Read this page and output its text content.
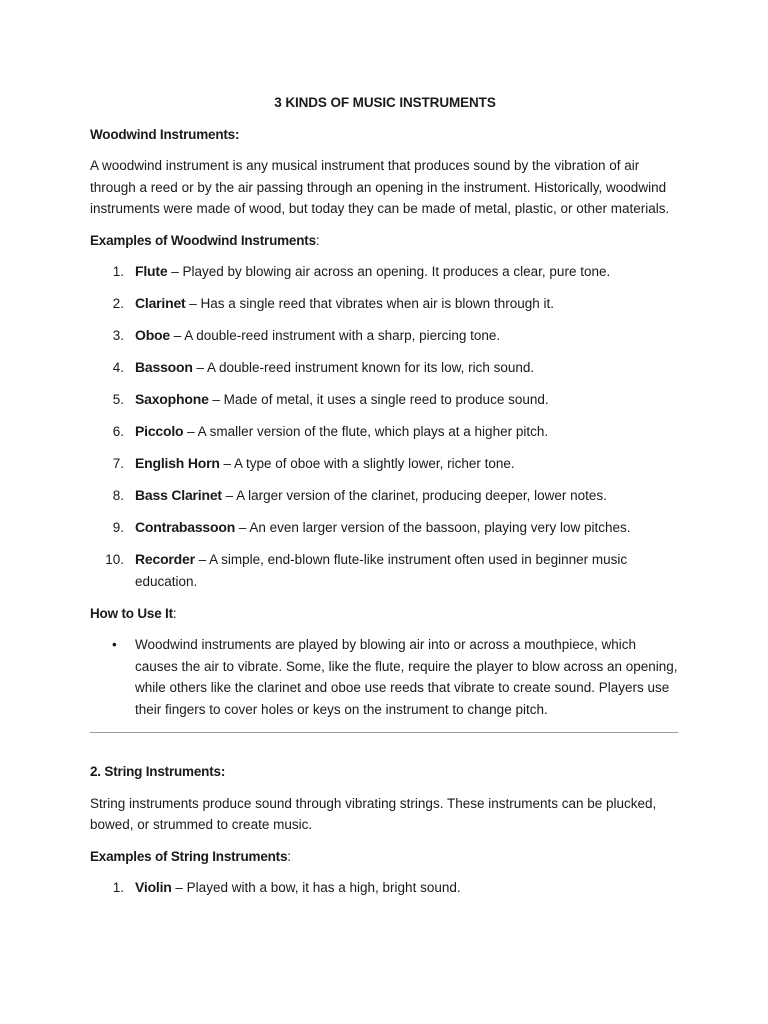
3 KINDS OF MUSIC INSTRUMENTS
Woodwind Instruments:

A woodwind instrument is any musical instrument that produces sound by the vibration of air through a reed or by the air passing through an opening in the instrument. Historically, woodwind instruments were made of wood, but today they can be made of metal, plastic, or other materials.

Examples of Woodwind Instruments:
1. Flute – Played by blowing air across an opening. It produces a clear, pure tone.
2. Clarinet – Has a single reed that vibrates when air is blown through it.
3. Oboe – A double-reed instrument with a sharp, piercing tone.
4. Bassoon – A double-reed instrument known for its low, rich sound.
5. Saxophone – Made of metal, it uses a single reed to produce sound.
6. Piccolo – A smaller version of the flute, which plays at a higher pitch.
7. English Horn – A type of oboe with a slightly lower, richer tone.
8. Bass Clarinet – A larger version of the clarinet, producing deeper, lower notes.
9. Contrabassoon – An even larger version of the bassoon, playing very low pitches.
10. Recorder – A simple, end-blown flute-like instrument often used in beginner music education.
How to Use It:
• Woodwind instruments are played by blowing air into or across a mouthpiece, which causes the air to vibrate. Some, like the flute, require the player to blow across an opening, while others like the clarinet and oboe use reeds that vibrate to create sound. Players use their fingers to cover holes or keys on the instrument to change pitch.
2. String Instruments:

String instruments produce sound through vibrating strings. These instruments can be plucked, bowed, or strummed to create music.

Examples of String Instruments:
1. Violin – Played with a bow, it has a high, bright sound.
